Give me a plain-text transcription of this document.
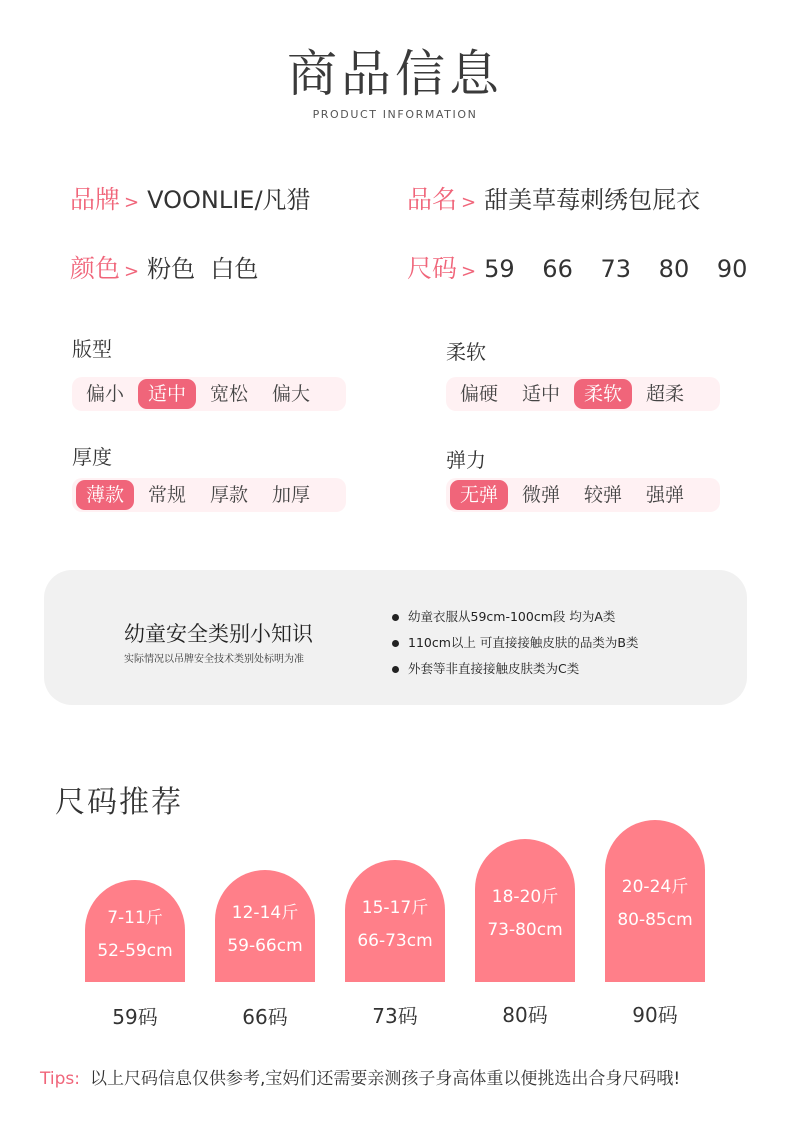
商品信息
PRODUCT INFORMATION
品牌 > VOONLIE/凡猎	品名 > 甜美草莓刺绣包屁衣
颜色 > 粉色  白色	尺码 > 59 66 73 80 90
版型
偏小	适中	宽松	偏大
柔软
偏硬	适中	柔软	超柔
厚度
薄款	常规	厚款	加厚
弹力
无弹	微弹	较弹	强弹
幼童安全类别小知识
实际情况以吊牌安全技术类别处标明为准
幼童衣服从59cm-100cm段 均为A类
110cm以上 可直接接触皮肤的品类为B类
外套等非直接接触皮肤类为C类
尺码推荐
7-11斤
52-59cm
12-14斤
59-66cm
15-17斤
66-73cm
18-20斤
73-80cm
20-24斤
80-85cm
59码	66码	73码	80码	90码
Tips: 以上尺码信息仅供参考,宝妈们还需要亲测孩子身高体重以便挑选出合身尺码哦!
